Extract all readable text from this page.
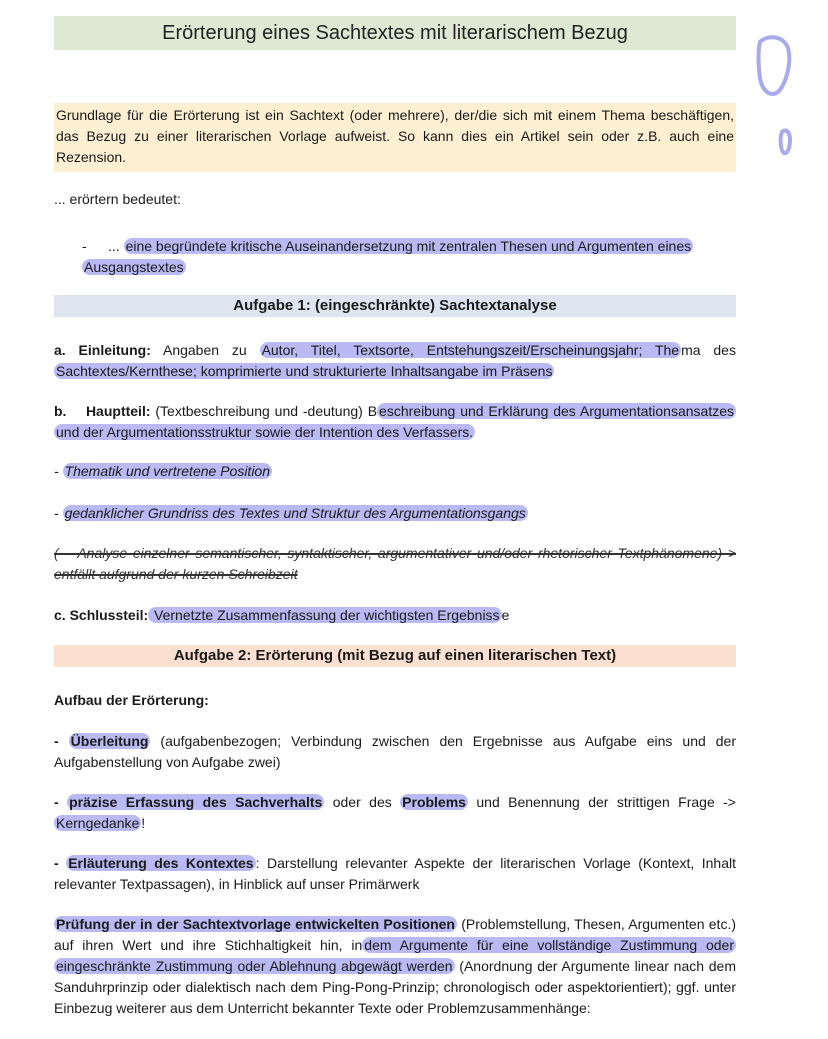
Erörterung eines Sachtextes mit literarischem Bezug
Grundlage für die Erörterung ist ein Sachtext (oder mehrere), der/die sich mit einem Thema beschäftigen, das Bezug zu einer literarischen Vorlage aufweist. So kann dies ein Artikel sein oder z.B. auch eine Rezension.
... erörtern bedeutet:
- ... eine begründete kritische Auseinandersetzung mit zentralen Thesen und Argumenten eines Ausgangstextes
Aufgabe 1: (eingeschränkte) Sachtextanalyse
a. Einleitung: Angaben zu Autor, Titel, Textsorte, Entstehungszeit/Erscheinungsjahr; The ma des Sachtextes/Kernthese; komprimierte und strukturierte Inhaltsangabe im Präsens
b.    Hauptteil: (Textbeschreibung und -deutung) B eschreibung und Erklärung des Argumentationsansatzes und der Argumentationsstruktur sowie der Intention des Verfassers.
- Thematik und vertretene Position
- gedanklicher Grundriss des Textes und Struktur des Argumentationsgangs
( – Analyse einzelner semantischer, syntaktischer, argumentativer und/oder rhetorischer Textphänomene) > entfällt aufgrund der kurzen Schreibzeit
c. Schlussteil: Vernetzte Zusammenfassung der wichtigsten Ergebniss e
Aufgabe 2: Erörterung (mit Bezug auf einen literarischen Text)
Aufbau der Erörterung:
- Überleitung (aufgabenbezogen; Verbindung zwischen den Ergebnisse aus Aufgabe eins und der Aufgabenstellung von Aufgabe zwei)
- präzise Erfassung des Sachverhalts oder des Problems und Benennung der strittigen Frage -> Kerngedanke !
- Erläuterung des Kontextes : Darstellung relevanter Aspekte der literarischen Vorlage (Kontext, Inhalt relevanter Textpassagen), in Hinblick auf unser Primärwerk
Prüfung der in der Sachtextvorlage entwickelten Positionen (Problemstellung, Thesen, Argumenten etc.) auf ihren Wert und ihre Stichhaltigkeit hin, in dem Argumente für eine vollständige Zustimmung oder eingeschränkte Zustimmung oder Ablehnung abgewägt werden (Anordnung der Argumente linear nach dem Sanduhrprinzip oder dialektisch nach dem Ping-Pong-Prinzip; chronologisch oder aspektorientiert); ggf. unter Einbezug weiterer aus dem Unterricht bekannter Texte oder Problemzusammenhänge:
